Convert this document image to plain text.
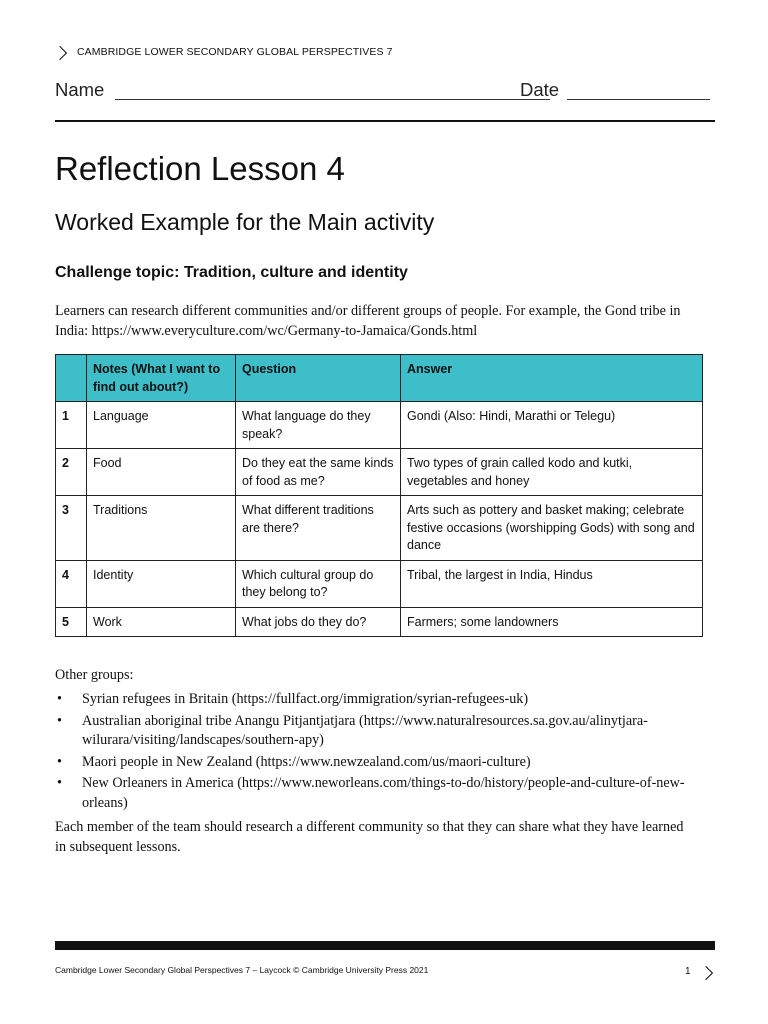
CAMBRIDGE LOWER SECONDARY GLOBAL PERSPECTIVES 7
Name	Date
Reflection Lesson 4
Worked Example for the Main activity
Challenge topic: Tradition, culture and identity

Learners can research different communities and/or different groups of people. For example, the Gond tribe in India: https://www.everyculture.com/wc/Germany-to-Jamaica/Gonds.html

	Notes (What I want to find out about?)	Question	Answer
1	Language	What language do they speak?	Gondi (Also: Hindi, Marathi or Telegu)
2	Food	Do they eat the same kinds of food as me?	Two types of grain called kodo and kutki, vegetables and honey
3	Traditions	What different traditions are there?	Arts such as pottery and basket making; celebrate festive occasions (worshipping Gods) with song and dance
4	Identity	Which cultural group do they belong to?	Tribal, the largest in India, Hindus
5	Work	What jobs do they do?	Farmers; some landowners

Other groups:

• Syrian refugees in Britain (https://fullfact.org/immigration/syrian-refugees-uk)
• Australian aboriginal tribe Anangu Pitjantjatjara (https://www.naturalresources.sa.gov.au/alinytjara-wilurara/visiting/landscapes/southern-apy)
• Maori people in New Zealand (https://www.newzealand.com/us/maori-culture)
• New Orleaners in America (https://www.neworleans.com/things-to-do/history/people-and-culture-of-new-orleans)

Each member of the team should research a different community so that they can share what they have learned in subsequent lessons.

Cambridge Lower Secondary Global Perspectives 7 – Laycock © Cambridge University Press 2021	1
